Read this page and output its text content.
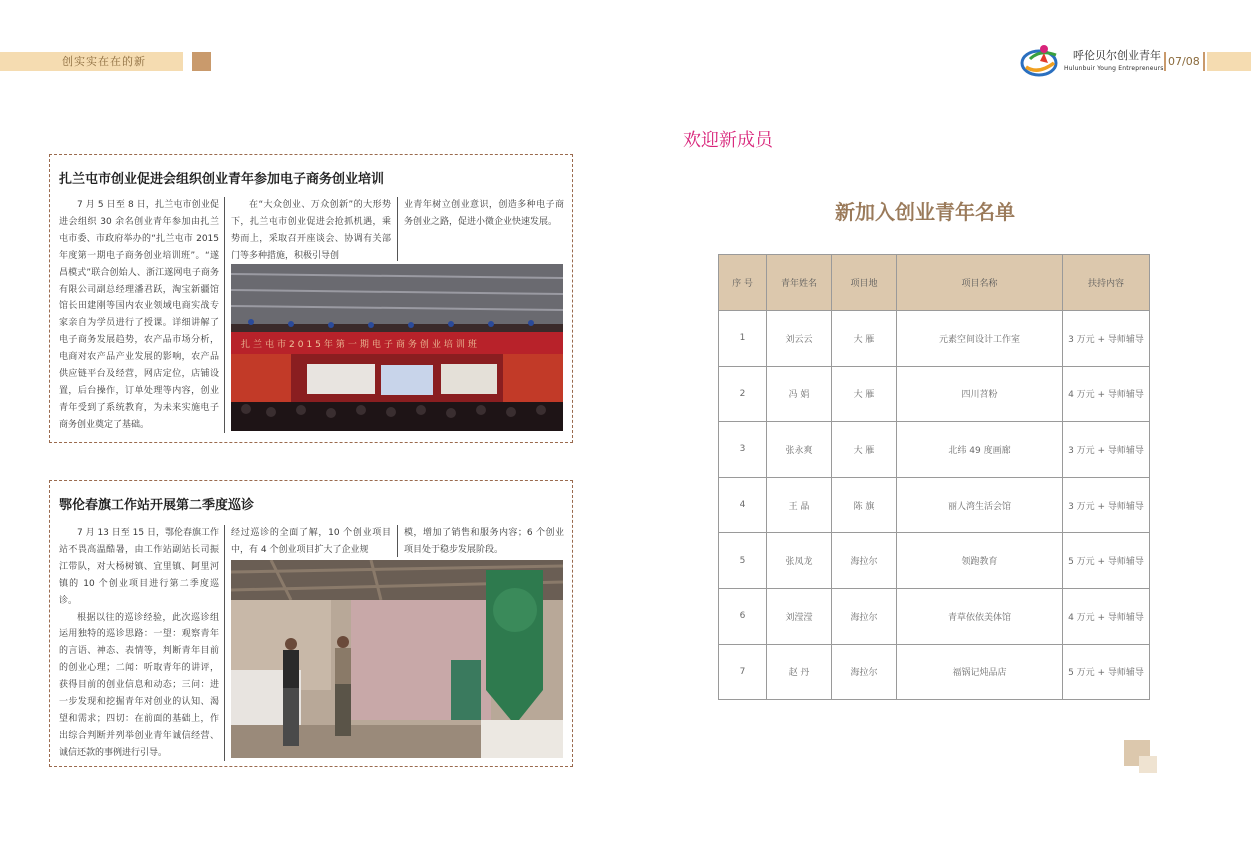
创实实在在的新	呼伦贝尔创业青年
Hulunbuir Young Entrepreneurs
07/08
扎兰屯市创业促进会组织创业青年参加电子商务创业培训

7 月 5 日至 8 日，扎兰屯市创业促进会组织 30 余名创业青年参加由扎兰屯市委、市政府举办的“扎兰屯市 2015 年度第一期电子商务创业培训班”。“遂昌模式”联合创始人、浙江遂网电子商务有限公司副总经理潘君跃，淘宝新疆馆馆长田建刚等国内农业领域电商实战专家亲自为学员进行了授课。详细讲解了电子商务发展趋势，农产品市场分析，电商对农产品产业发展的影响，农产品供应链平台及经营，网店定位，店铺设置，后台操作，订单处理等内容，创业青年受到了系统教育，为未来实施电子商务创业奠定了基础。

在“大众创业、万众创新”的大形势下，扎兰屯市创业促进会抢抓机遇，乘势而上，采取召开座谈会、协调有关部门等多种措施，积极引导创

业青年树立创业意识，创造多种电子商务创业之路，促进小微企业快速发展。

扎兰屯市2015年第一期电子商务创业培训班
鄂伦春旗工作站开展第二季度巡诊

7 月 13 日至 15 日，鄂伦春旗工作站不畏高温酷暑，由工作站副站长司振江带队，对大杨树镇、宜里镇、阿里河镇的 10 个创业项目进行第二季度巡诊。

根据以往的巡诊经验，此次巡诊组运用独特的巡诊思路：一望：观察青年的言语、神态、表情等，判断青年目前的创业心理；二闻：听取青年的讲评，获得目前的创业信息和动态；三问：进一步发现和挖掘青年对创业的认知、渴望和需求；四切：在前面的基础上，作出综合判断并列举创业青年诚信经营、诚信还款的事例进行引导。

经过巡诊的全面了解，10 个创业项目中，有 4 个创业项目扩大了企业规

模，增加了销售和服务内容；6 个创业项目处于稳步发展阶段。

欢迎新成员
新加入创业青年名单
序 号	青年姓名	项目地	项目名称	扶持内容
1	刘云云	大 雁	元素空间设计工作室	3 万元 + 导师辅导
2	冯 娟	大 雁	四川苕粉	4 万元 + 导师辅导
3	张永爽	大 雁	北纬 49 度画廊	3 万元 + 导师辅导
4	王 晶	陈 旗	丽人湾生活会馆	3 万元 + 导师辅导
5	张凤龙	海拉尔	领跑教育	5 万元 + 导师辅导
6	刘滢滢	海拉尔	青草依依美体馆	4 万元 + 导师辅导
7	赵 丹	海拉尔	福锅记炖品店	5 万元 + 导师辅导
